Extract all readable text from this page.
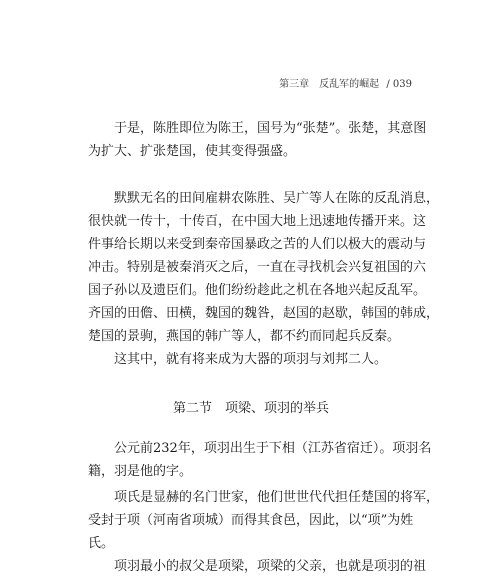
第三章　反乱军的崛起 / 039

于是，陈胜即位为陈王，国号为“张楚”。张楚，其意图
为扩大、扩张楚国，使其变得强盛。

默默无名的田间雇耕农陈胜、吴广等人在陈的反乱消息，
很快就一传十，十传百，在中国大地上迅速地传播开来。这
件事给长期以来受到秦帝国暴政之苦的人们以极大的震动与
冲击。特别是被秦消灭之后，一直在寻找机会兴复祖国的六
国子孙以及遗臣们。他们纷纷趁此之机在各地兴起反乱军。
齐国的田儋、田横，魏国的魏咎，赵国的赵歇，韩国的韩成，
楚国的景驹，燕国的韩广等人，都不约而同起兵反秦。

这其中，就有将来成为大器的项羽与刘邦二人。

第二节　项梁、项羽的举兵

公元前232年，项羽出生于下相（江苏省宿迁）。项羽名
籍，羽是他的字。

项氏是显赫的名门世家，他们世世代代担任楚国的将军，
受封于项（河南省项城）而得其食邑，因此，以“项”为姓
氏。

项羽最小的叔父是项梁，项梁的父亲，也就是项羽的祖
